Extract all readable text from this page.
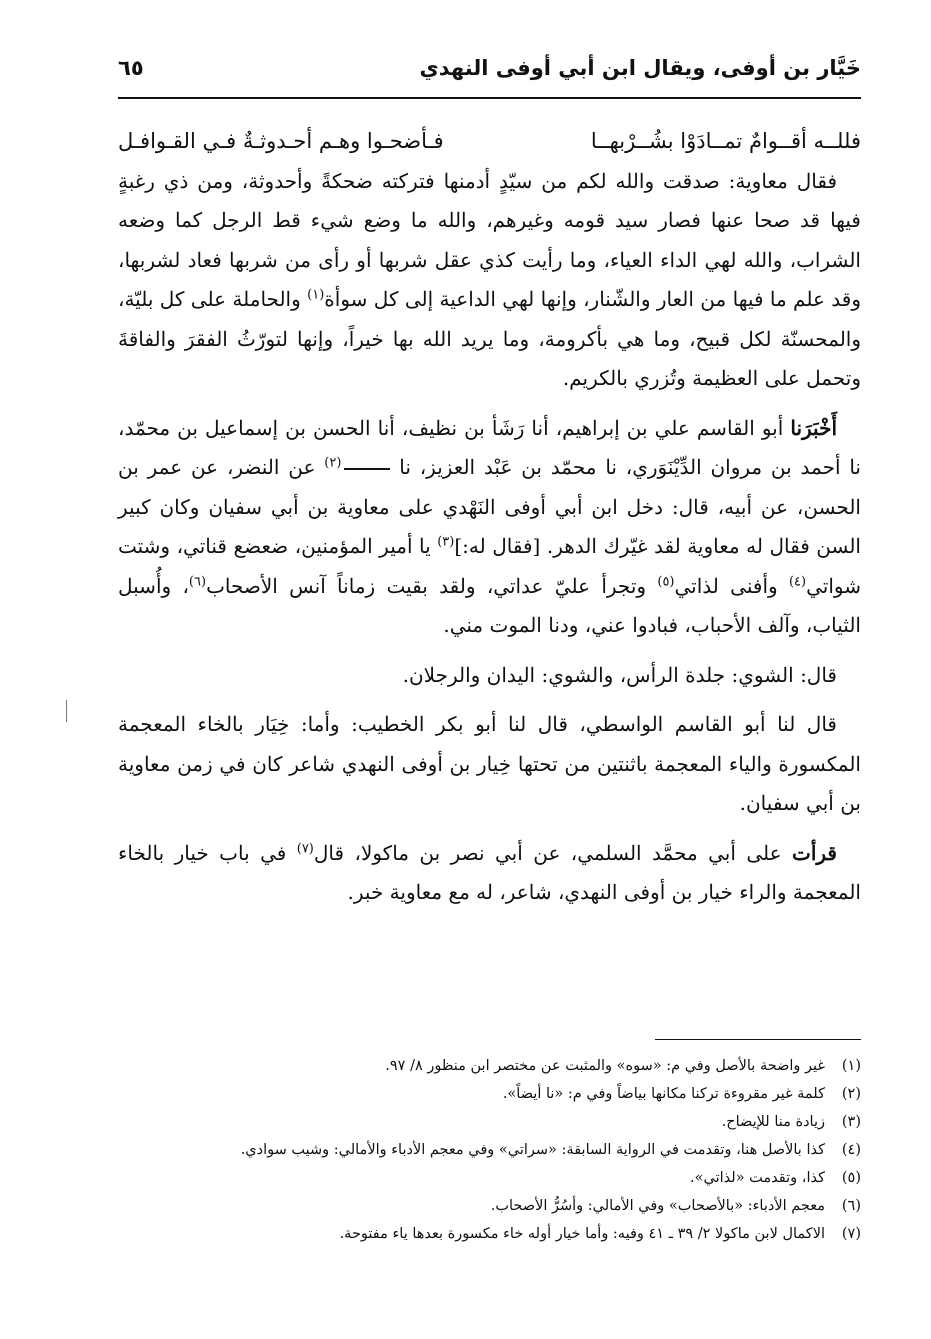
خَيَّار بن أوفى، ويقال ابن أبي أوفى النهدي
٦٥
فللــه أقــوامٌ تمــادَوْا بشُــرْبهــا
فـأضحـوا وهـم أحـدوثـةٌ فـي القـوافـل

فقال معاوية: صدقت والله لكم من سيّدٍ أدمنها فتركته ضحكةً وأحدوثة، ومن ذي رغبةٍ فيها قد صحا عنها فصار سيد قومه وغيرهم، والله ما وضع شيء قط الرجل كما وضعه الشراب، والله لهي الداء العياء، وما رأيت كذي عقل شربها أو رأى من شربها فعاد لشربها، وقد علم ما فيها من العار والشّنار، وإنها لهي الداعية إلى كل سوأة$^{(١)}$ والحاملة على كل بليّة، والمحسنّة لكل قبيح، وما هي بأكرومة، وما يريد الله بها خيراً، وإنها لتورّثُ الفقرَ والفاقةَ وتحمل على العظيمة وتُزري بالكريم.

أَخْبَرَنا أبو القاسم علي بن إبراهيم، أنا رَشَأ بن نظيف، أنا الحسن بن إسماعيل بن محمّد، نا أحمد بن مروان الدِّيْنَوَري، نا محمّد بن عَبْد العزيز، نا $^{(٢)}$ عن النضر، عن عمر بن الحسن، عن أبيه، قال: دخل ابن أبي أوفى النَهْدي على معاوية بن أبي سفيان وكان كبير السن فقال له معاوية لقد غيّرك الدهر. [فقال له:]$^{(٣)}$ يا أمير المؤمنين، ضعضع قناتي، وشتت شواتي$^{(٤)}$ وأفنى لذاتي$^{(٥)}$ وتجرأ عليّ عداتي، ولقد بقيت زماناً آنس الأصحاب$^{(٦)}$، وأُسبل الثياب، وآلف الأحباب، فبادوا عني، ودنا الموت مني.

قال: الشوي: جلدة الرأس، والشوي: اليدان والرجلان.

قال لنا أبو القاسم الواسطي، قال لنا أبو بكر الخطيب: وأما: خِيَار بالخاء المعجمة المكسورة والياء المعجمة باثنتين من تحتها خِيار بن أوفى النهدي شاعر كان في زمن معاوية بن أبي سفيان.

قرأت على أبي محمَّد السلمي، عن أبي نصر بن ماكولا، قال$^{(٧)}$ في باب خيار بالخاء المعجمة والراء خيار بن أوفى النهدي، شاعر، له مع معاوية خبر.

(١)
غير واضحة بالأصل وفي م: «سوه» والمثبت عن مختصر ابن منظور ٨/ ٩٧.
(٢)
كلمة غير مقروءة تركنا مكانها بياضاً وفي م: «نا أيضاً».
(٣)
زيادة منا للإيضاح.
(٤)
كذا بالأصل هنا، وتقدمت في الرواية السابقة: «سراتي» وفي معجم الأدباء والأمالي: وشيب سوادي.
(٥)
كذا، وتقدمت «لذاتي».
(٦)
معجم الأدباء: «بالأصحاب» وفي الأمالي: وأسُرُّ الأصحاب.
(٧)
الاكمال لابن ماكولا ٢/ ٣٩ ـ ٤١ وفيه: وأما خيار أوله خاء مكسورة بعدها ياء مفتوحة.
